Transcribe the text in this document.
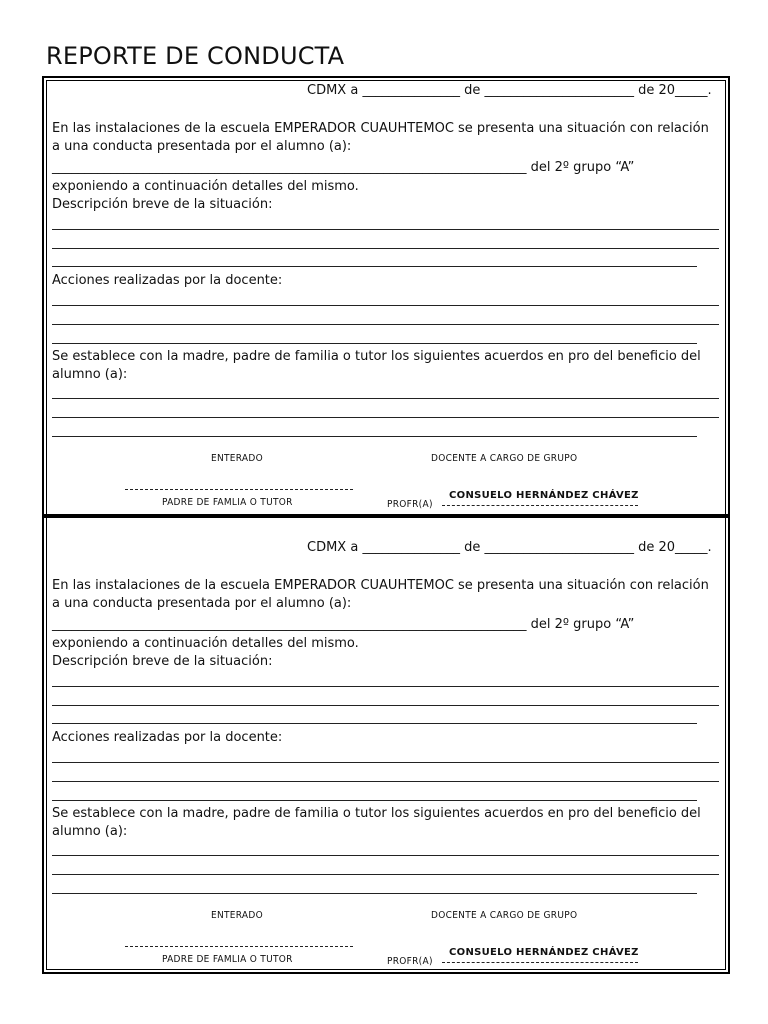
REPORTE DE CONDUCTA
CDMX a _______________ de _______________________ de 20_____.
En las instalaciones de la escuela EMPERADOR CUAUHTEMOC se presenta una situación con relación a una conducta presentada por el alumno (a):
_________________________________________________________________________ del 2º grupo “A”
exponiendo a continuación detalles del mismo.
Descripción breve de la situación:
Acciones realizadas por la docente:
Se establece con la madre, padre de familia o tutor los siguientes acuerdos en pro del beneficio del alumno (a):
ENTERADO	DOCENTE A CARGO DE GRUPO
PADRE DE FAMLIA O TUTOR
CONSUELO HERNÁNDEZ CHÁVEZ
PROFR(A)
CDMX a _______________ de _______________________ de 20_____.
En las instalaciones de la escuela EMPERADOR CUAUHTEMOC se presenta una situación con relación a una conducta presentada por el alumno (a):
_________________________________________________________________________ del 2º grupo “A”
exponiendo a continuación detalles del mismo.
Descripción breve de la situación:
Acciones realizadas por la docente:
Se establece con la madre, padre de familia o tutor los siguientes acuerdos en pro del beneficio del alumno (a):
ENTERADO	DOCENTE A CARGO DE GRUPO
PADRE DE FAMLIA O TUTOR
CONSUELO HERNÁNDEZ CHÁVEZ
PROFR(A)
